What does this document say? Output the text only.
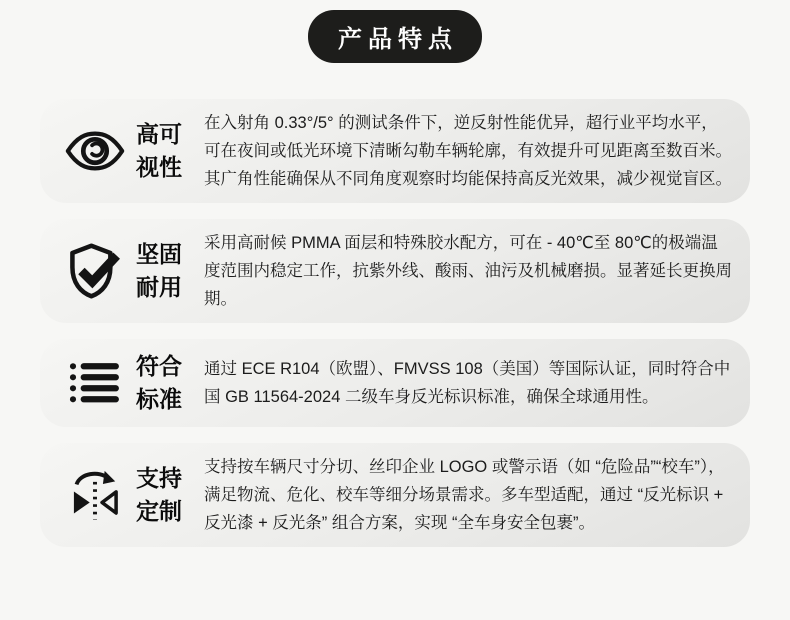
产品特点
高可视性
在入射角 0.33°/5° 的测试条件下，逆反射性能优异，超行业平均水平，可在夜间或低光环境下清晰勾勒车辆轮廓，有效提升可见距离至数百米。其广角性能确保从不同角度观察时均能保持高反光效果，减少视觉盲区。
坚固耐用
采用高耐候 PMMA 面层和特殊胶水配方，可在 - 40℃至 80℃的极端温度范围内稳定工作，抗紫外线、酸雨、油污及机械磨损。显著延长更换周期。
符合标准
通过 ECE R104（欧盟）、FMVSS 108（美国）等国际认证，同时符合中国 GB 11564-2024 二级车身反光标识标准，确保全球通用性。
支持定制
支持按车辆尺寸分切、丝印企业 LOGO 或警示语（如 “危险品”“校车”），满足物流、危化、校车等细分场景需求。多车型适配，通过 “反光标识 + 反光漆 + 反光条” 组合方案，实现 “全车身安全包裹”。
